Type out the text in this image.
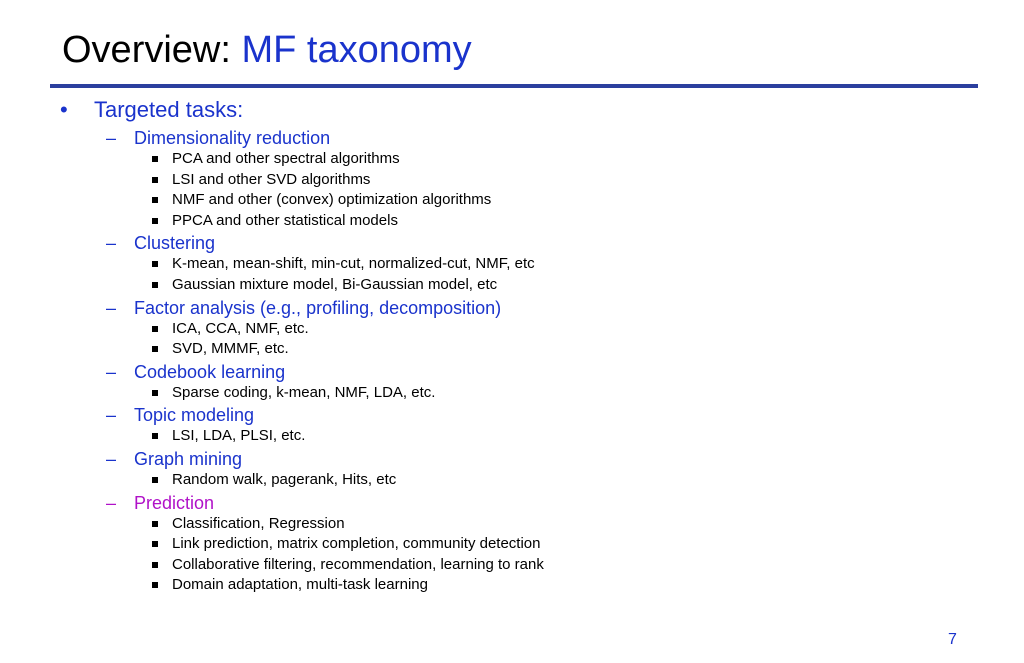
Overview: MF taxonomy
• Targeted tasks:
– Dimensionality reduction
PCA and other spectral algorithms
LSI and other SVD algorithms
NMF and other (convex) optimization algorithms
PPCA and other statistical models
– Clustering
K-mean, mean-shift, min-cut, normalized-cut, NMF, etc
Gaussian mixture model, Bi-Gaussian model, etc
– Factor analysis (e.g., profiling, decomposition)
ICA, CCA, NMF, etc.
SVD, MMMF, etc.
– Codebook learning
Sparse coding, k-mean, NMF, LDA, etc.
– Topic modeling
LSI, LDA, PLSI, etc.
– Graph mining
Random walk, pagerank, Hits, etc
– Prediction
Classification, Regression
Link prediction, matrix completion, community detection
Collaborative filtering, recommendation, learning to rank
Domain adaptation, multi-task learning
7
